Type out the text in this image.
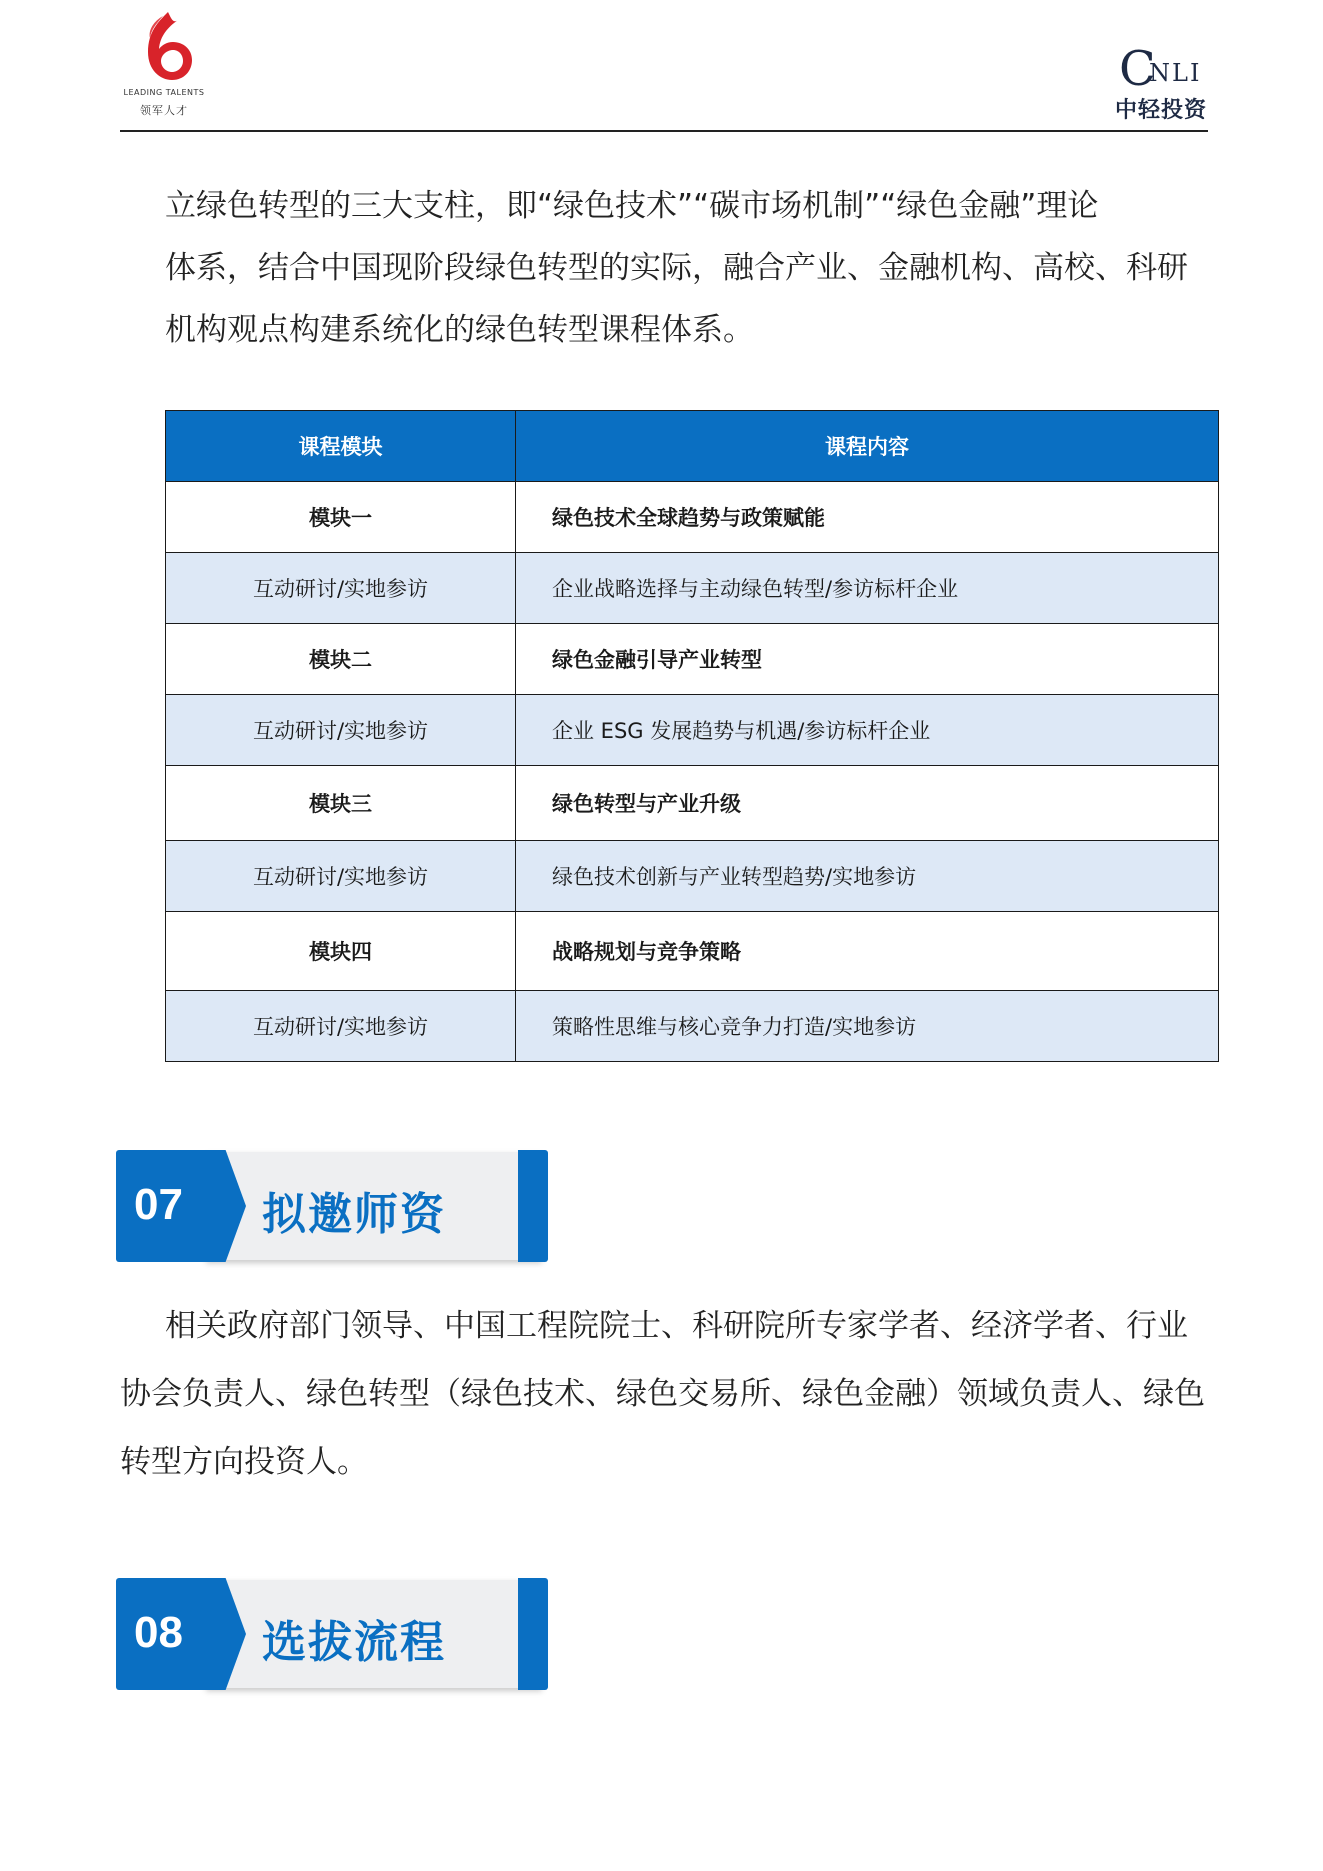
LEADING TALENTS
领军人才
C
NLI
中轻投资
立绿色转型的三大支柱，即“绿色技术”“碳市场机制”“绿色金融”理论
体系，结合中国现阶段绿色转型的实际，融合产业、金融机构、高校、科研
机构观点构建系统化的绿色转型课程体系。
课程模块	课程内容
模块一	绿色技术全球趋势与政策赋能
互动研讨/实地参访	企业战略选择与主动绿色转型/参访标杆企业
模块二	绿色金融引导产业转型
互动研讨/实地参访	企业 ESG 发展趋势与机遇/参访标杆企业
模块三	绿色转型与产业升级
互动研讨/实地参访	绿色技术创新与产业转型趋势/实地参访
模块四	战略规划与竞争策略
互动研讨/实地参访	策略性思维与核心竞争力打造/实地参访
07 拟邀师资
相关政府部门领导、中国工程院院士、科研院所专家学者、经济学者、行业
协会负责人、绿色转型（绿色技术、绿色交易所、绿色金融）领域负责人、绿色
转型方向投资人。
08 选拔流程
